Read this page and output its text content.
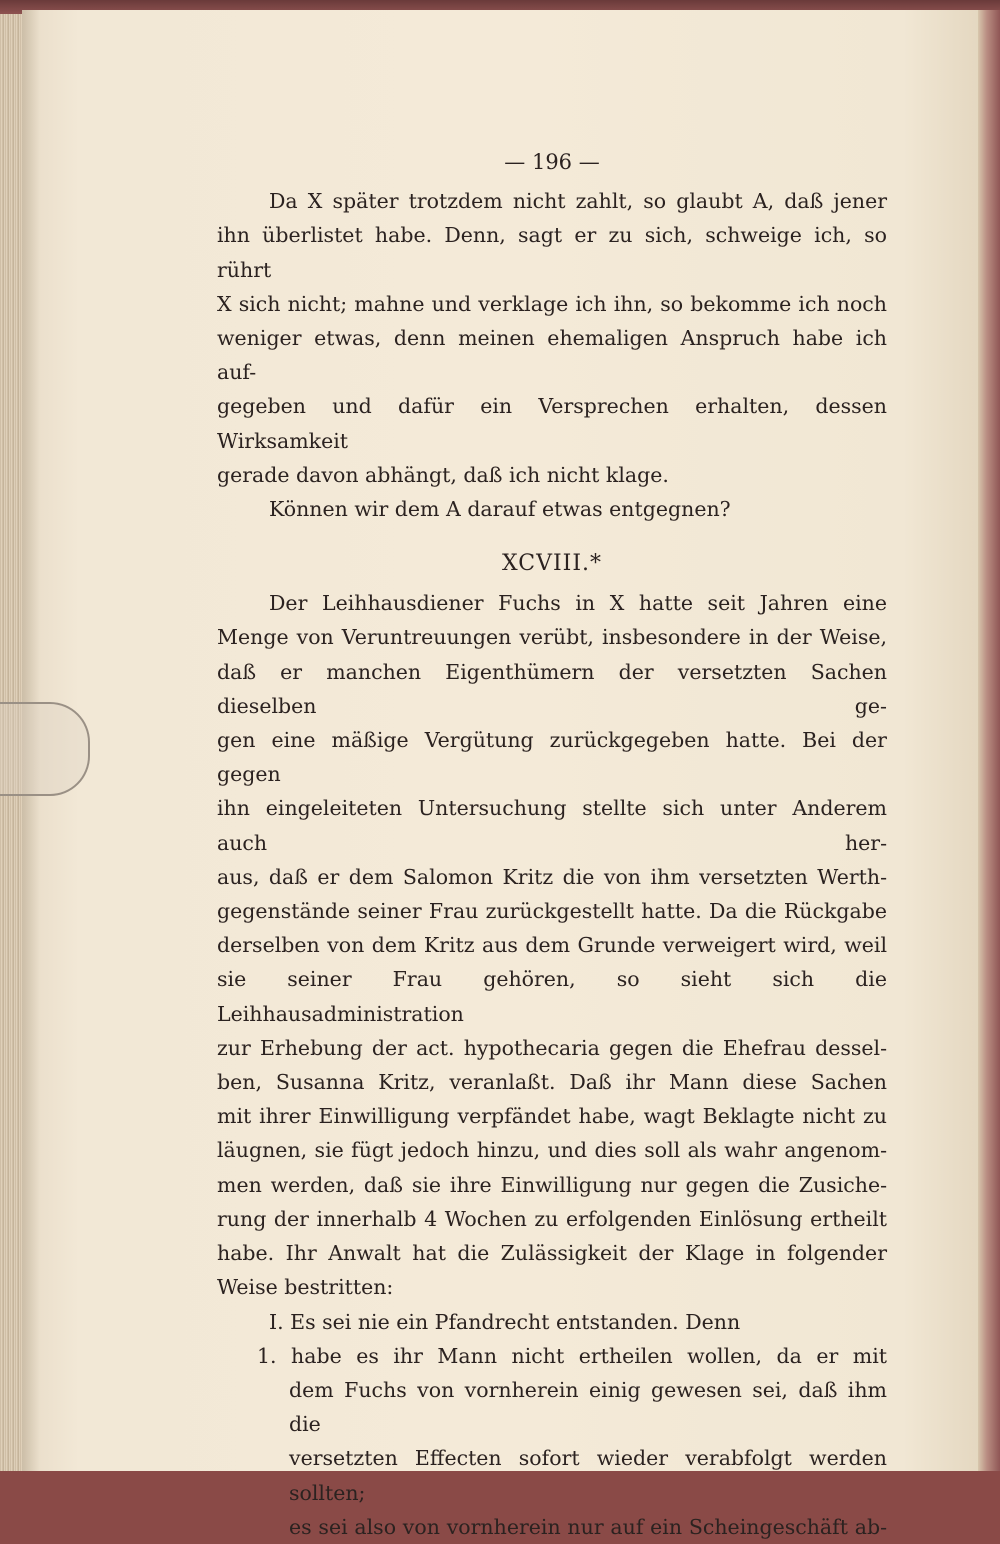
— 196 —

Da X später trotzdem nicht zahlt, so glaubt A, daß jener

ihn überlistet habe. Denn, sagt er zu sich, schweige ich, so rührt

X sich nicht; mahne und verklage ich ihn, so bekomme ich noch

weniger etwas, denn meinen ehemaligen Anspruch habe ich auf-

gegeben und dafür ein Versprechen erhalten, dessen Wirksamkeit

gerade davon abhängt, daß ich nicht klage.

Können wir dem A darauf etwas entgegnen?

XCVIII.*

Der Leihhausdiener Fuchs in X hatte seit Jahren eine

Menge von Veruntreuungen verübt, insbesondere in der Weise,

daß er manchen Eigenthümern der versetzten Sachen dieselben ge-

gen eine mäßige Vergütung zurückgegeben hatte. Bei der gegen

ihn eingeleiteten Untersuchung stellte sich unter Anderem auch her-

aus, daß er dem Salomon Kritz die von ihm versetzten Werth-

gegenstände seiner Frau zurückgestellt hatte. Da die Rückgabe

derselben von dem Kritz aus dem Grunde verweigert wird, weil

sie seiner Frau gehören, so sieht sich die Leihhausadministration

zur Erhebung der act. hypothecaria gegen die Ehefrau dessel-

ben, Susanna Kritz, veranlaßt. Daß ihr Mann diese Sachen

mit ihrer Einwilligung verpfändet habe, wagt Beklagte nicht zu

läugnen, sie fügt jedoch hinzu, und dies soll als wahr angenom-

men werden, daß sie ihre Einwilligung nur gegen die Zusiche-

rung der innerhalb 4 Wochen zu erfolgenden Einlösung ertheilt

habe. Ihr Anwalt hat die Zulässigkeit der Klage in folgender

Weise bestritten:

I. Es sei nie ein Pfandrecht entstanden. Denn

1. habe es ihr Mann nicht ertheilen wollen, da er mit

dem Fuchs von vornherein einig gewesen sei, daß ihm die

versetzten Effecten sofort wieder verabfolgt werden sollten;

es sei also von vornherein nur auf ein Scheingeschäft ab-
